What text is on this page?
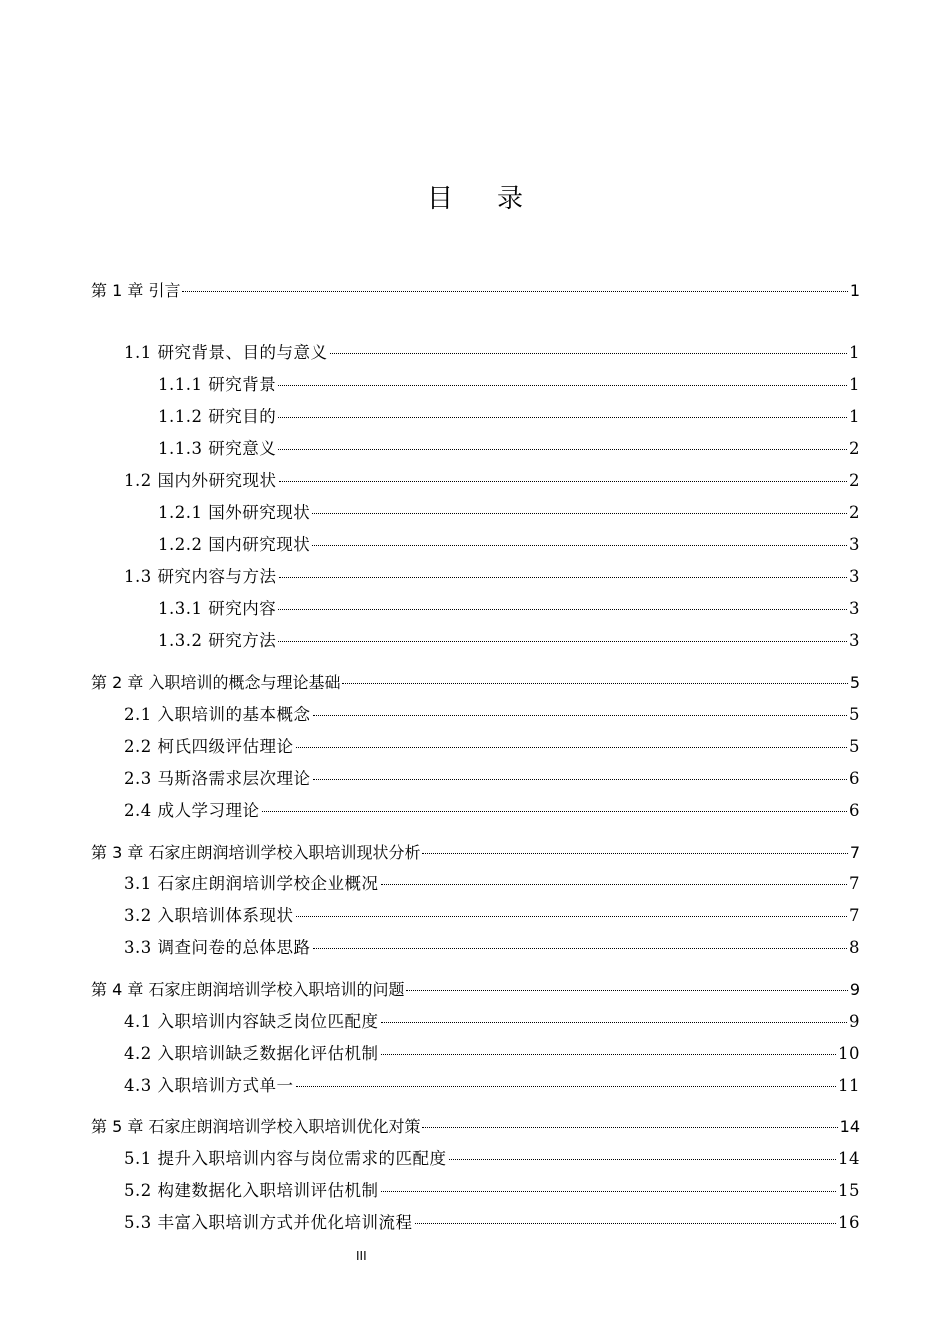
目录
第 1 章 引言	1
1.1 研究背景、目的与意义	1
1.1.1 研究背景	1
1.1.2 研究目的	1
1.1.3 研究意义	2
1.2 国内外研究现状	2
1.2.1 国外研究现状	2
1.2.2 国内研究现状	3
1.3 研究内容与方法	3
1.3.1 研究内容	3
1.3.2 研究方法	3
第 2 章 入职培训的概念与理论基础	5
2.1 入职培训的基本概念	5
2.2 柯氏四级评估理论	5
2.3 马斯洛需求层次理论	6
2.4 成人学习理论	6
第 3 章 石家庄朗润培训学校入职培训现状分析	7
3.1 石家庄朗润培训学校企业概况	7
3.2 入职培训体系现状	7
3.3 调查问卷的总体思路	8
第 4 章 石家庄朗润培训学校入职培训的问题	9
4.1 入职培训内容缺乏岗位匹配度	9
4.2 入职培训缺乏数据化评估机制	10
4.3 入职培训方式单一	11
第 5 章 石家庄朗润培训学校入职培训优化对策	14
5.1 提升入职培训内容与岗位需求的匹配度	14
5.2 构建数据化入职培训评估机制	15
5.3 丰富入职培训方式并优化培训流程	16
III
